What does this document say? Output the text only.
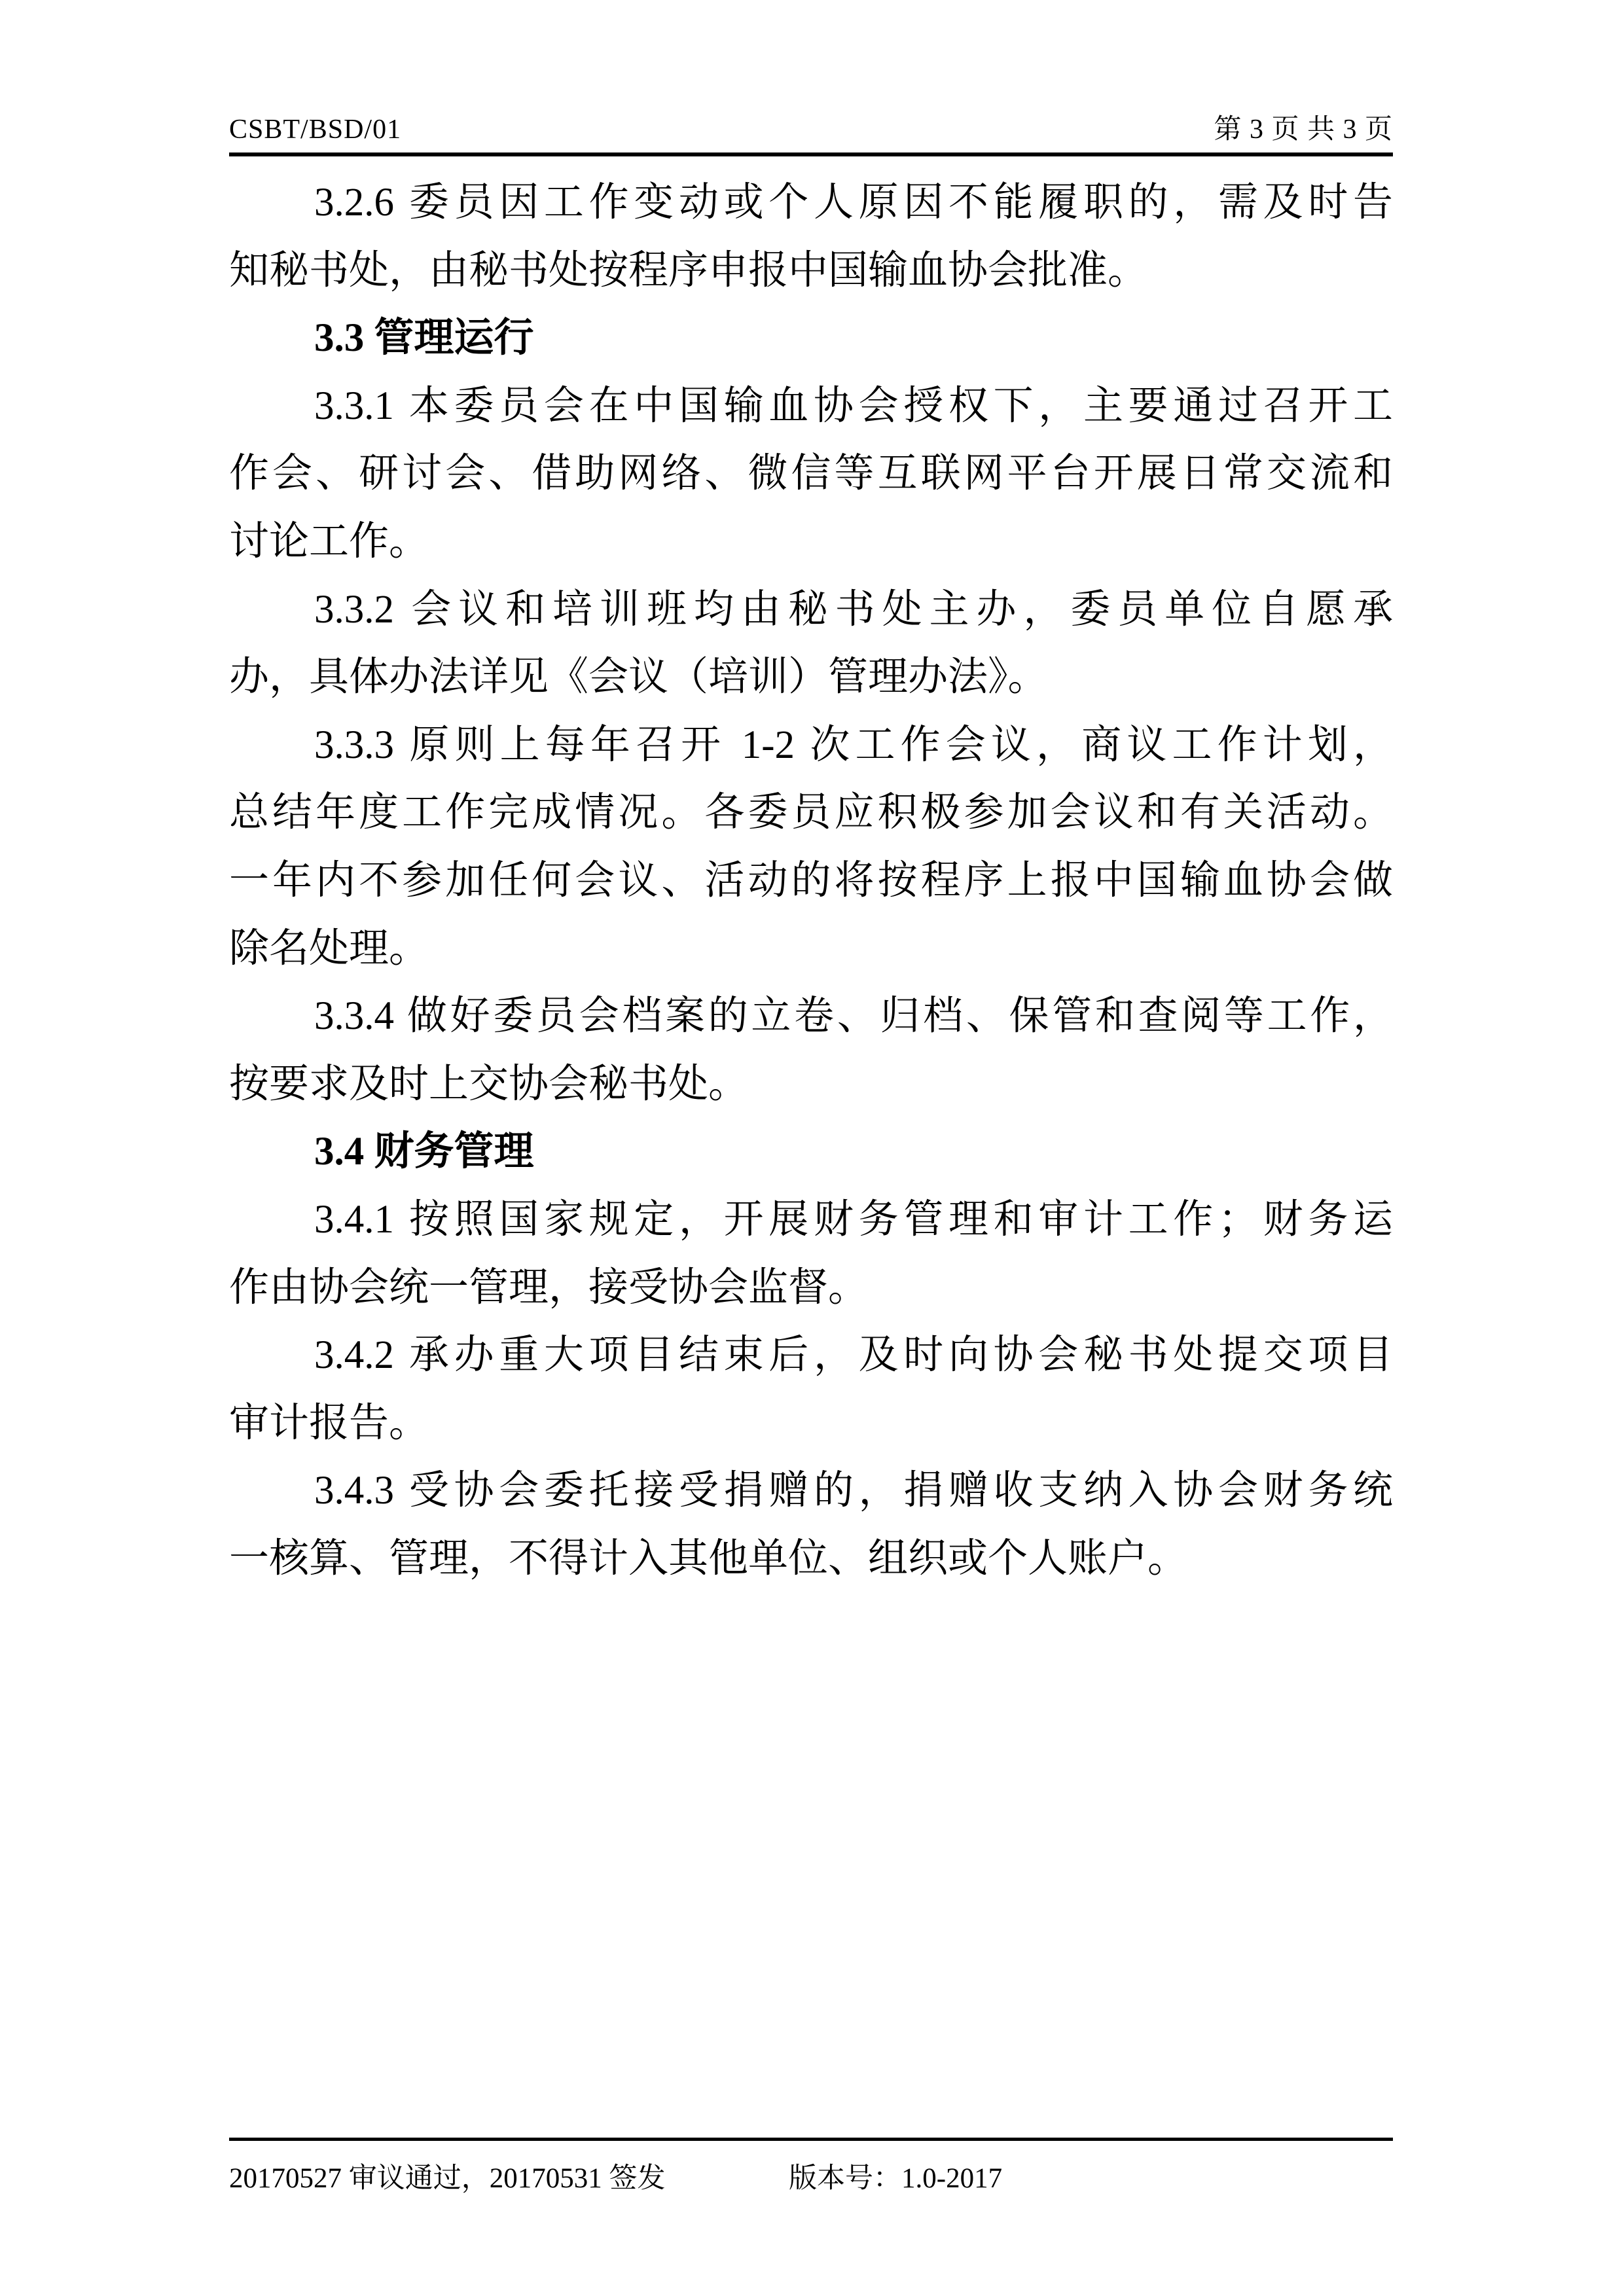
CSBT/BSD/01	第 3 页 共 3 页
3.2.6 委员因工作变动或个人原因不能履职的，需及时告
知秘书处，由秘书处按程序申报中国输血协会批准。
3.3 管理运行
3.3.1 本委员会在中国输血协会授权下，主要通过召开工
作会、研讨会、借助网络、微信等互联网平台开展日常交流和
讨论工作。
3.3.2 会议和培训班均由秘书处主办，委员单位自愿承
办，具体办法详见《会议（培训）管理办法》。
3.3.3 原则上每年召开 1-2 次工作会议，商议工作计划，
总结年度工作完成情况。各委员应积极参加会议和有关活动。
一年内不参加任何会议、活动的将按程序上报中国输血协会做
除名处理。
3.3.4 做好委员会档案的立卷、归档、保管和查阅等工作，
按要求及时上交协会秘书处。
3.4 财务管理
3.4.1 按照国家规定，开展财务管理和审计工作；财务运
作由协会统一管理，接受协会监督。
3.4.2 承办重大项目结束后，及时向协会秘书处提交项目
审计报告。
3.4.3 受协会委托接受捐赠的，捐赠收支纳入协会财务统
一核算、管理，不得计入其他单位、组织或个人账户。
20170527 审议通过，20170531 签发	版本号：1.0-2017
